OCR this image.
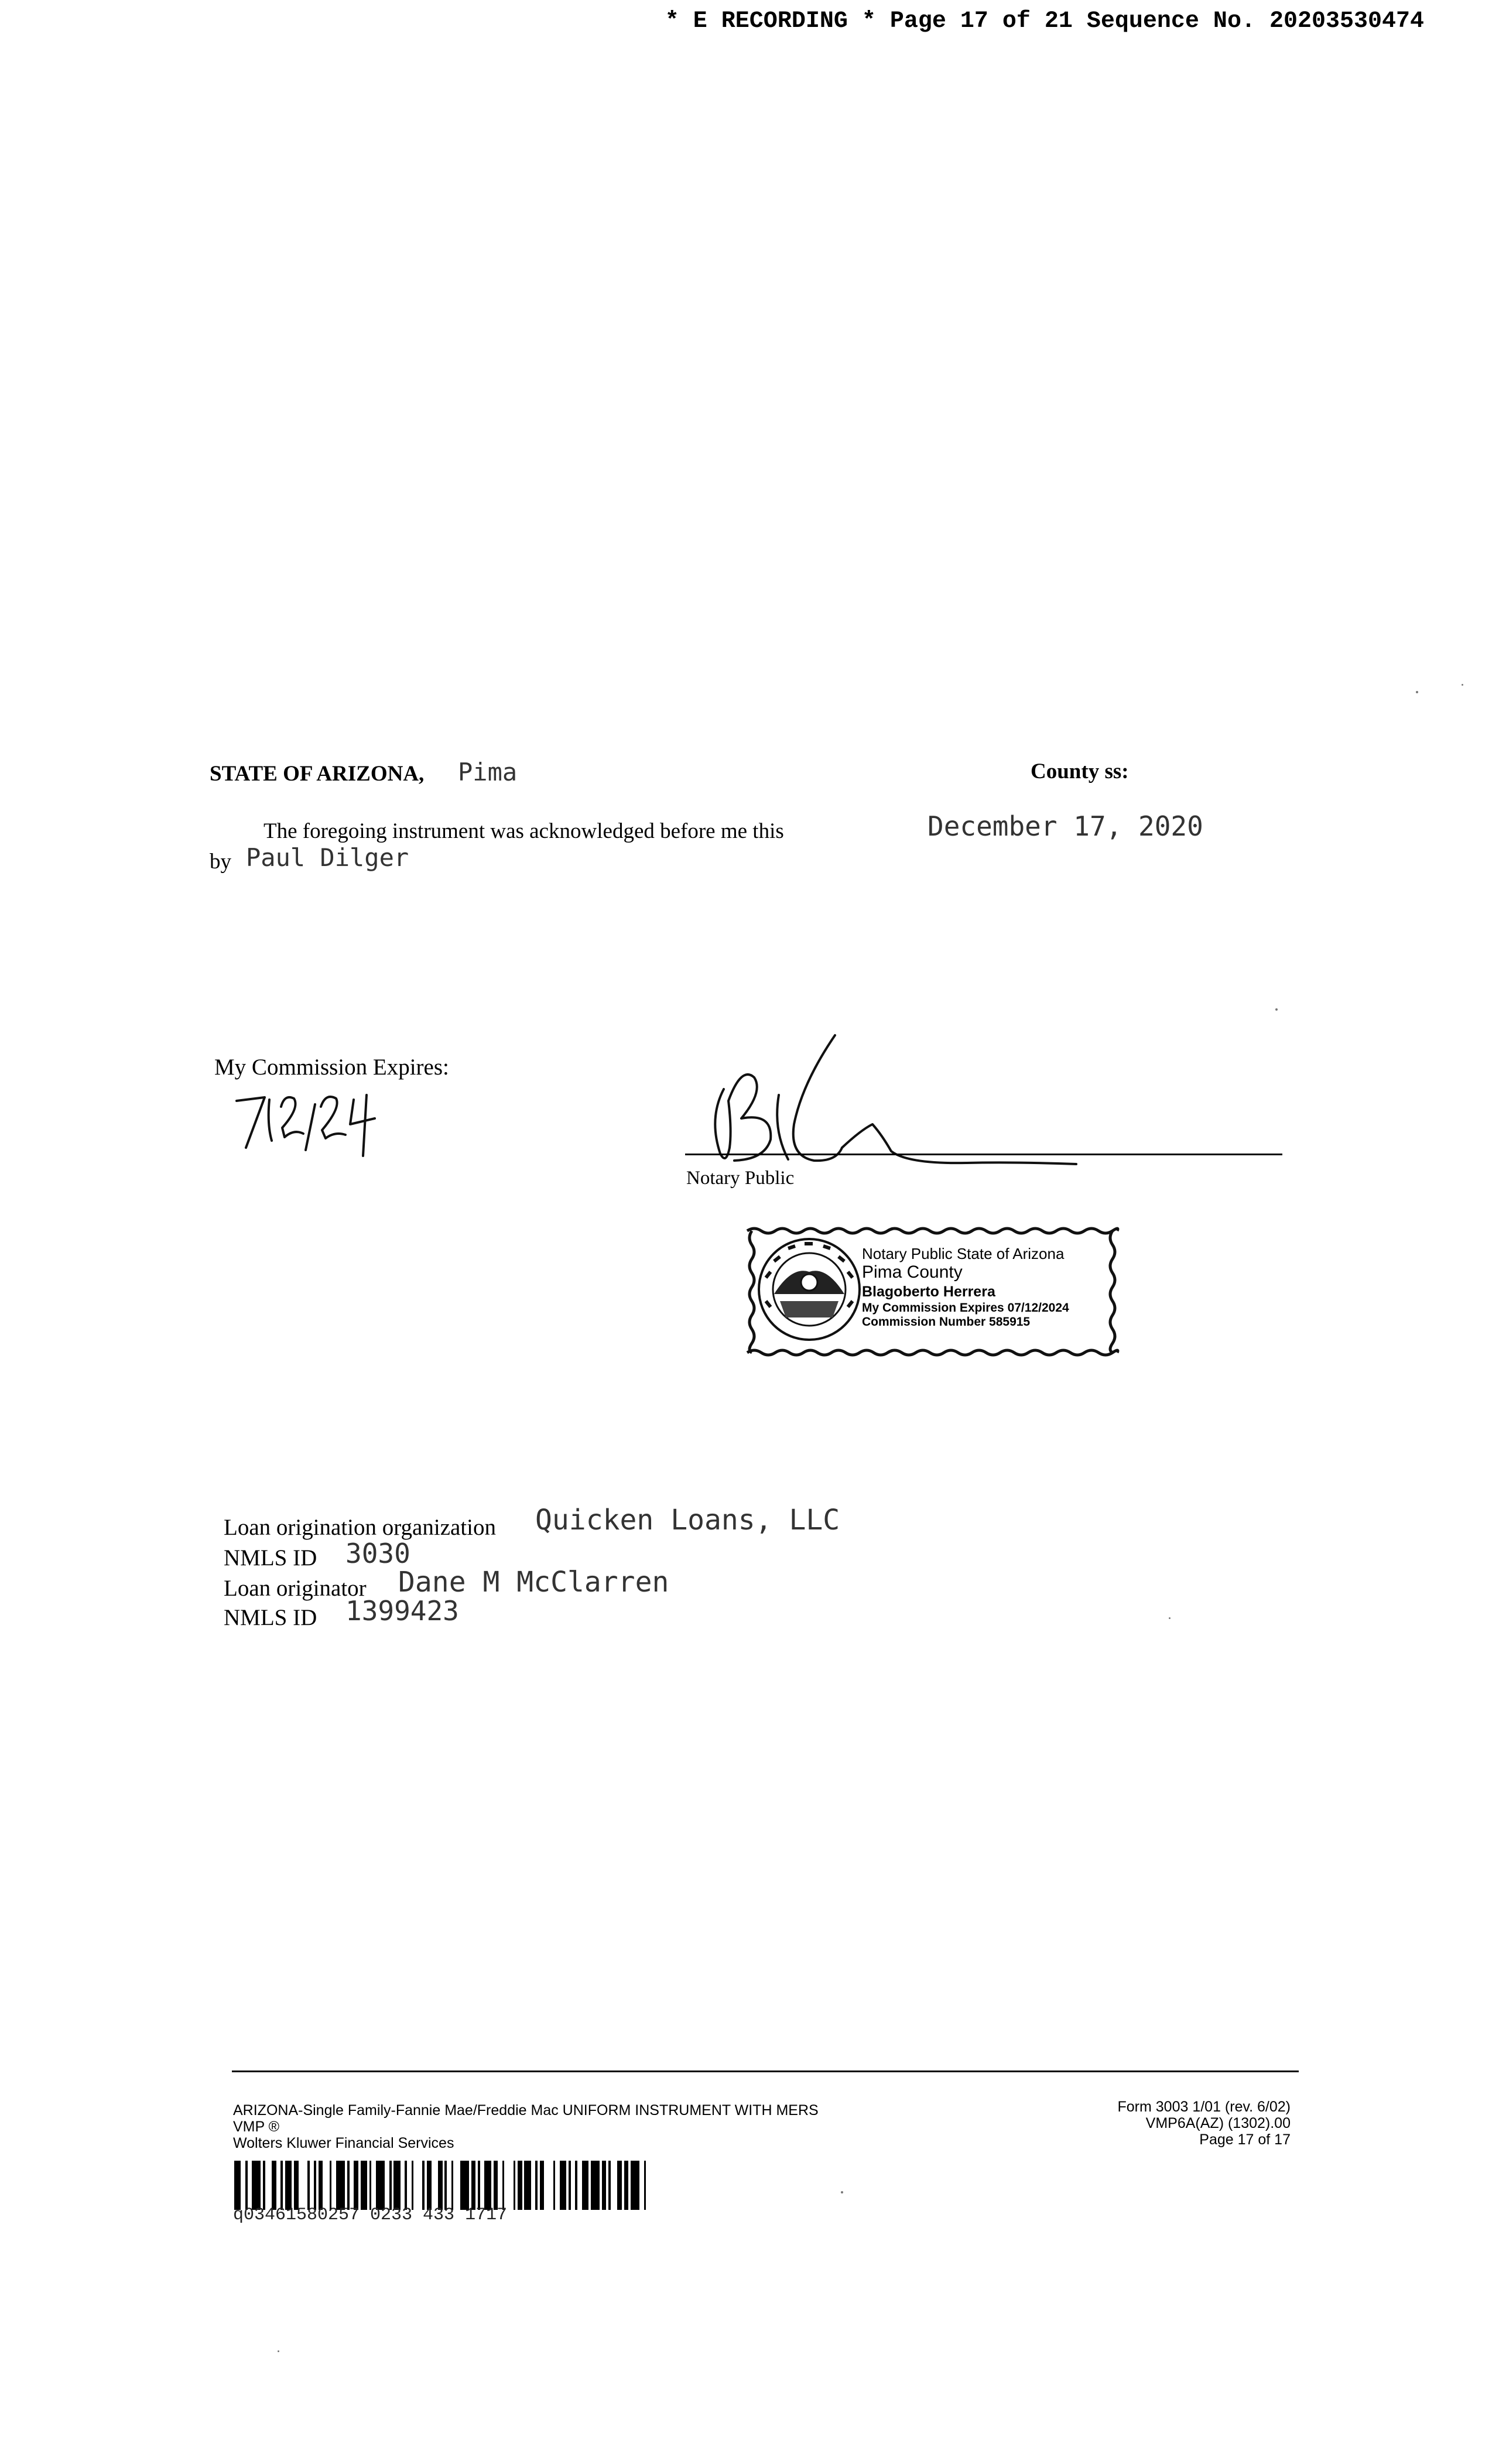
* E RECORDING * Page 17 of 21 Sequence No. 20203530474
STATE OF ARIZONA, Pima	County ss:
The foregoing instrument was acknowledged before me this	December 17, 2020
by Paul Dilger
My Commission Expires:
Notary Public
Notary Public State of Arizona
Pima County
Blagoberto Herrera
My Commission Expires 07/12/2024
Commission Number 585915
Loan origination organization Quicken Loans, LLC
NMLS ID 3030
Loan originator Dane M McClarren
NMLS ID 1399423
ARIZONA-Single Family-Fannie Mae/Freddie Mac UNIFORM INSTRUMENT WITH MERS
VMP ®
Wolters Kluwer Financial Services
Form 3003 1/01 (rev. 6/02)
VMP6A(AZ) (1302).00
Page 17 of 17
q03461580257 0233 433 1717
